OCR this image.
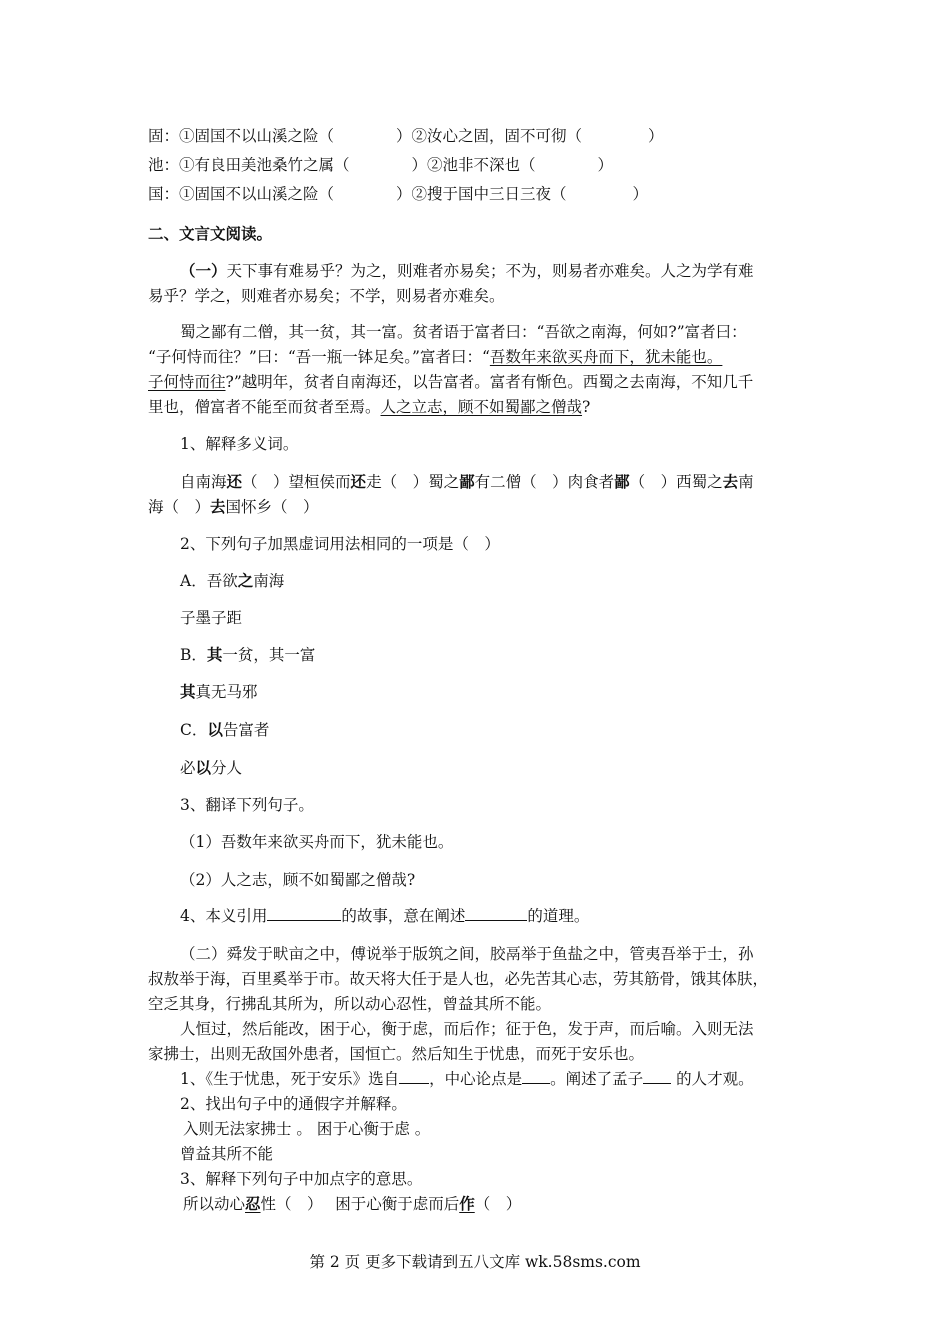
固：①固国不以山溪之险（	）②汝心之固，固不可彻（	）
池：①有良田美池桑竹之属（	）②池非不深也（	）
国：①固国不以山溪之险（	）②搜于国中三日三夜（	）
二、文言文阅读。
（一）天下事有难易乎？为之，则难者亦易矣；不为，则易者亦难矣。人之为学有难
易乎？学之，则难者亦易矣；不学，则易者亦难矣。
蜀之鄙有二僧，其一贫，其一富。贫者语于富者曰：“吾欲之南海，何如?”富者曰：
“子何恃而往？”曰：“吾一瓶一钵足矣。”富者曰：“吾数年来欲买舟而下，犹未能也。
子何恃而往?”越明年，贫者自南海还，以告富者。富者有惭色。西蜀之去南海，不知几千
里也，僧富者不能至而贫者至焉。人之立志，顾不如蜀鄙之僧哉?
1、解释多义词。
自南海还（　）望桓侯而还走（　）蜀之鄙有二僧（　）肉食者鄙（　）西蜀之去南
海（　）去国怀乡（　）
2、下列句子加黑虚词用法相同的一项是（　）
A．吾欲之南海
子墨子距
B．其一贫，其一富
其真无马邪
C．以告富者
必以分人
3、翻译下列句子。
（1）吾数年来欲买舟而下，犹未能也。
（2）人之志，顾不如蜀鄙之僧哉?
4、本义引用	的故事，意在阐述	的道理。
（二）舜发于畎亩之中，傅说举于版筑之间，胶鬲举于鱼盐之中，管夷吾举于士，孙
叔敖举于海，百里奚举于市。故天将大任于是人也，必先苦其心志，劳其筋骨，饿其体肤，
空乏其身，行拂乱其所为，所以动心忍性，曾益其所不能。
人恒过，然后能改，困于心，衡于虑，而后作；征于色，发于声，而后喻。入则无法
家拂士，出则无敌国外患者，国恒亡。然后知生于忧患，而死于安乐也。
1、《生于忧患，死于安乐》选自 ，中心论点是 。阐述了孟子 的人才观。
2、找出句子中的通假字并解释。
入则无法家拂士 。 困于心衡于虑 。
曾益其所不能
3、解释下列句子中加点字的意思。
所以动心忍性（　）　 困于心衡于虑而后作（　）
第 2 页 更多下载请到五八文库 wk.58sms.com
